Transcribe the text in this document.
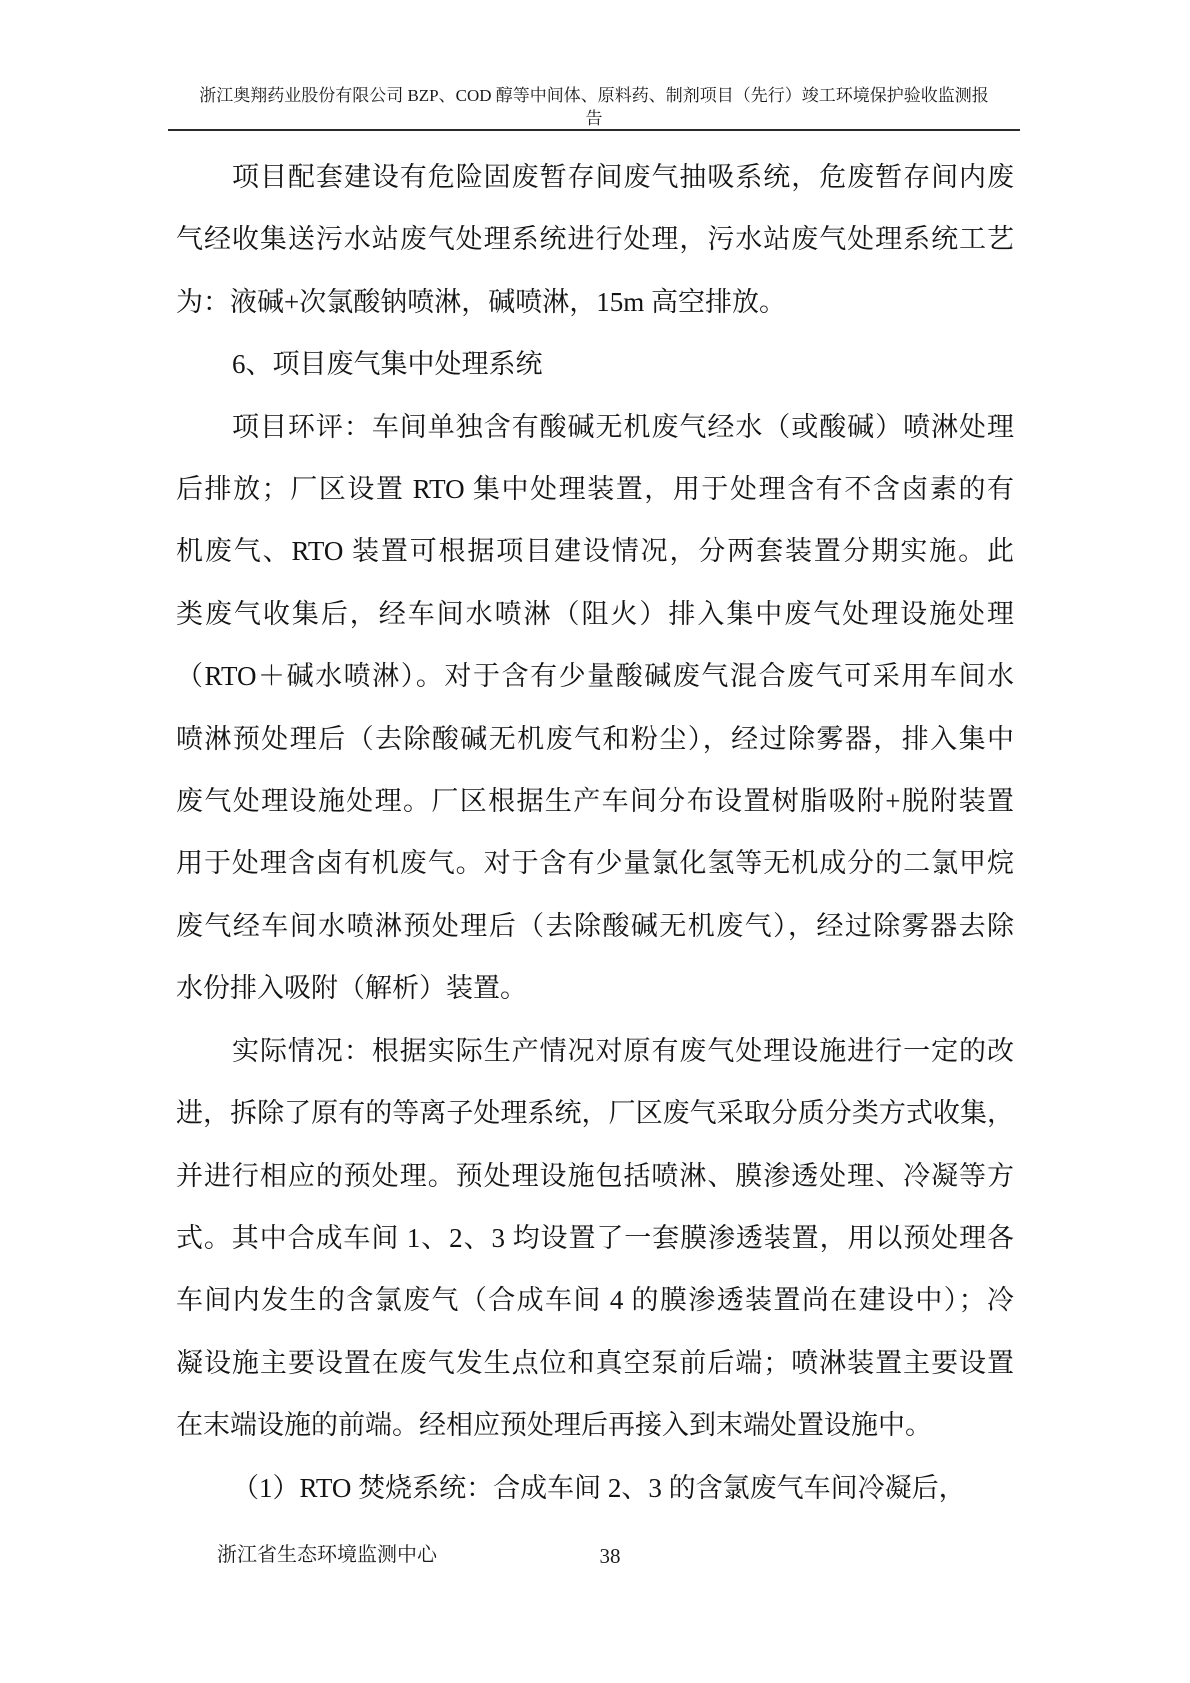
浙江奥翔药业股份有限公司 BZP、COD 醇等中间体、原料药、制剂项目（先行）竣工环境保护验收监测报
告
项目配套建设有危险固废暂存间废气抽吸系统，危废暂存间内废
气经收集送污水站废气处理系统进行处理，污水站废气处理系统工艺
为：液碱+次氯酸钠喷淋，碱喷淋，15m 高空排放。
6、项目废气集中处理系统
项目环评：车间单独含有酸碱无机废气经水（或酸碱）喷淋处理
后排放；厂区设置 RTO 集中处理装置，用于处理含有不含卤素的有
机废气、RTO 装置可根据项目建设情况，分两套装置分期实施。此
类废气收集后，经车间水喷淋（阻火）排入集中废气处理设施处理
（RTO＋碱水喷淋）。对于含有少量酸碱废气混合废气可采用车间水
喷淋预处理后（去除酸碱无机废气和粉尘），经过除雾器，排入集中
废气处理设施处理。厂区根据生产车间分布设置树脂吸附+脱附装置
用于处理含卤有机废气。对于含有少量氯化氢等无机成分的二氯甲烷
废气经车间水喷淋预处理后（去除酸碱无机废气），经过除雾器去除
水份排入吸附（解析）装置。
实际情况：根据实际生产情况对原有废气处理设施进行一定的改
进，拆除了原有的等离子处理系统，厂区废气采取分质分类方式收集，
并进行相应的预处理。预处理设施包括喷淋、膜渗透处理、冷凝等方
式。其中合成车间 1、2、3 均设置了一套膜渗透装置，用以预处理各
车间内发生的含氯废气（合成车间 4 的膜渗透装置尚在建设中）；冷
凝设施主要设置在废气发生点位和真空泵前后端；喷淋装置主要设置
在末端设施的前端。经相应预处理后再接入到末端处置设施中。
（1）RTO 焚烧系统：合成车间 2、3 的含氯废气车间冷凝后，
浙江省生态环境监测中心	38
